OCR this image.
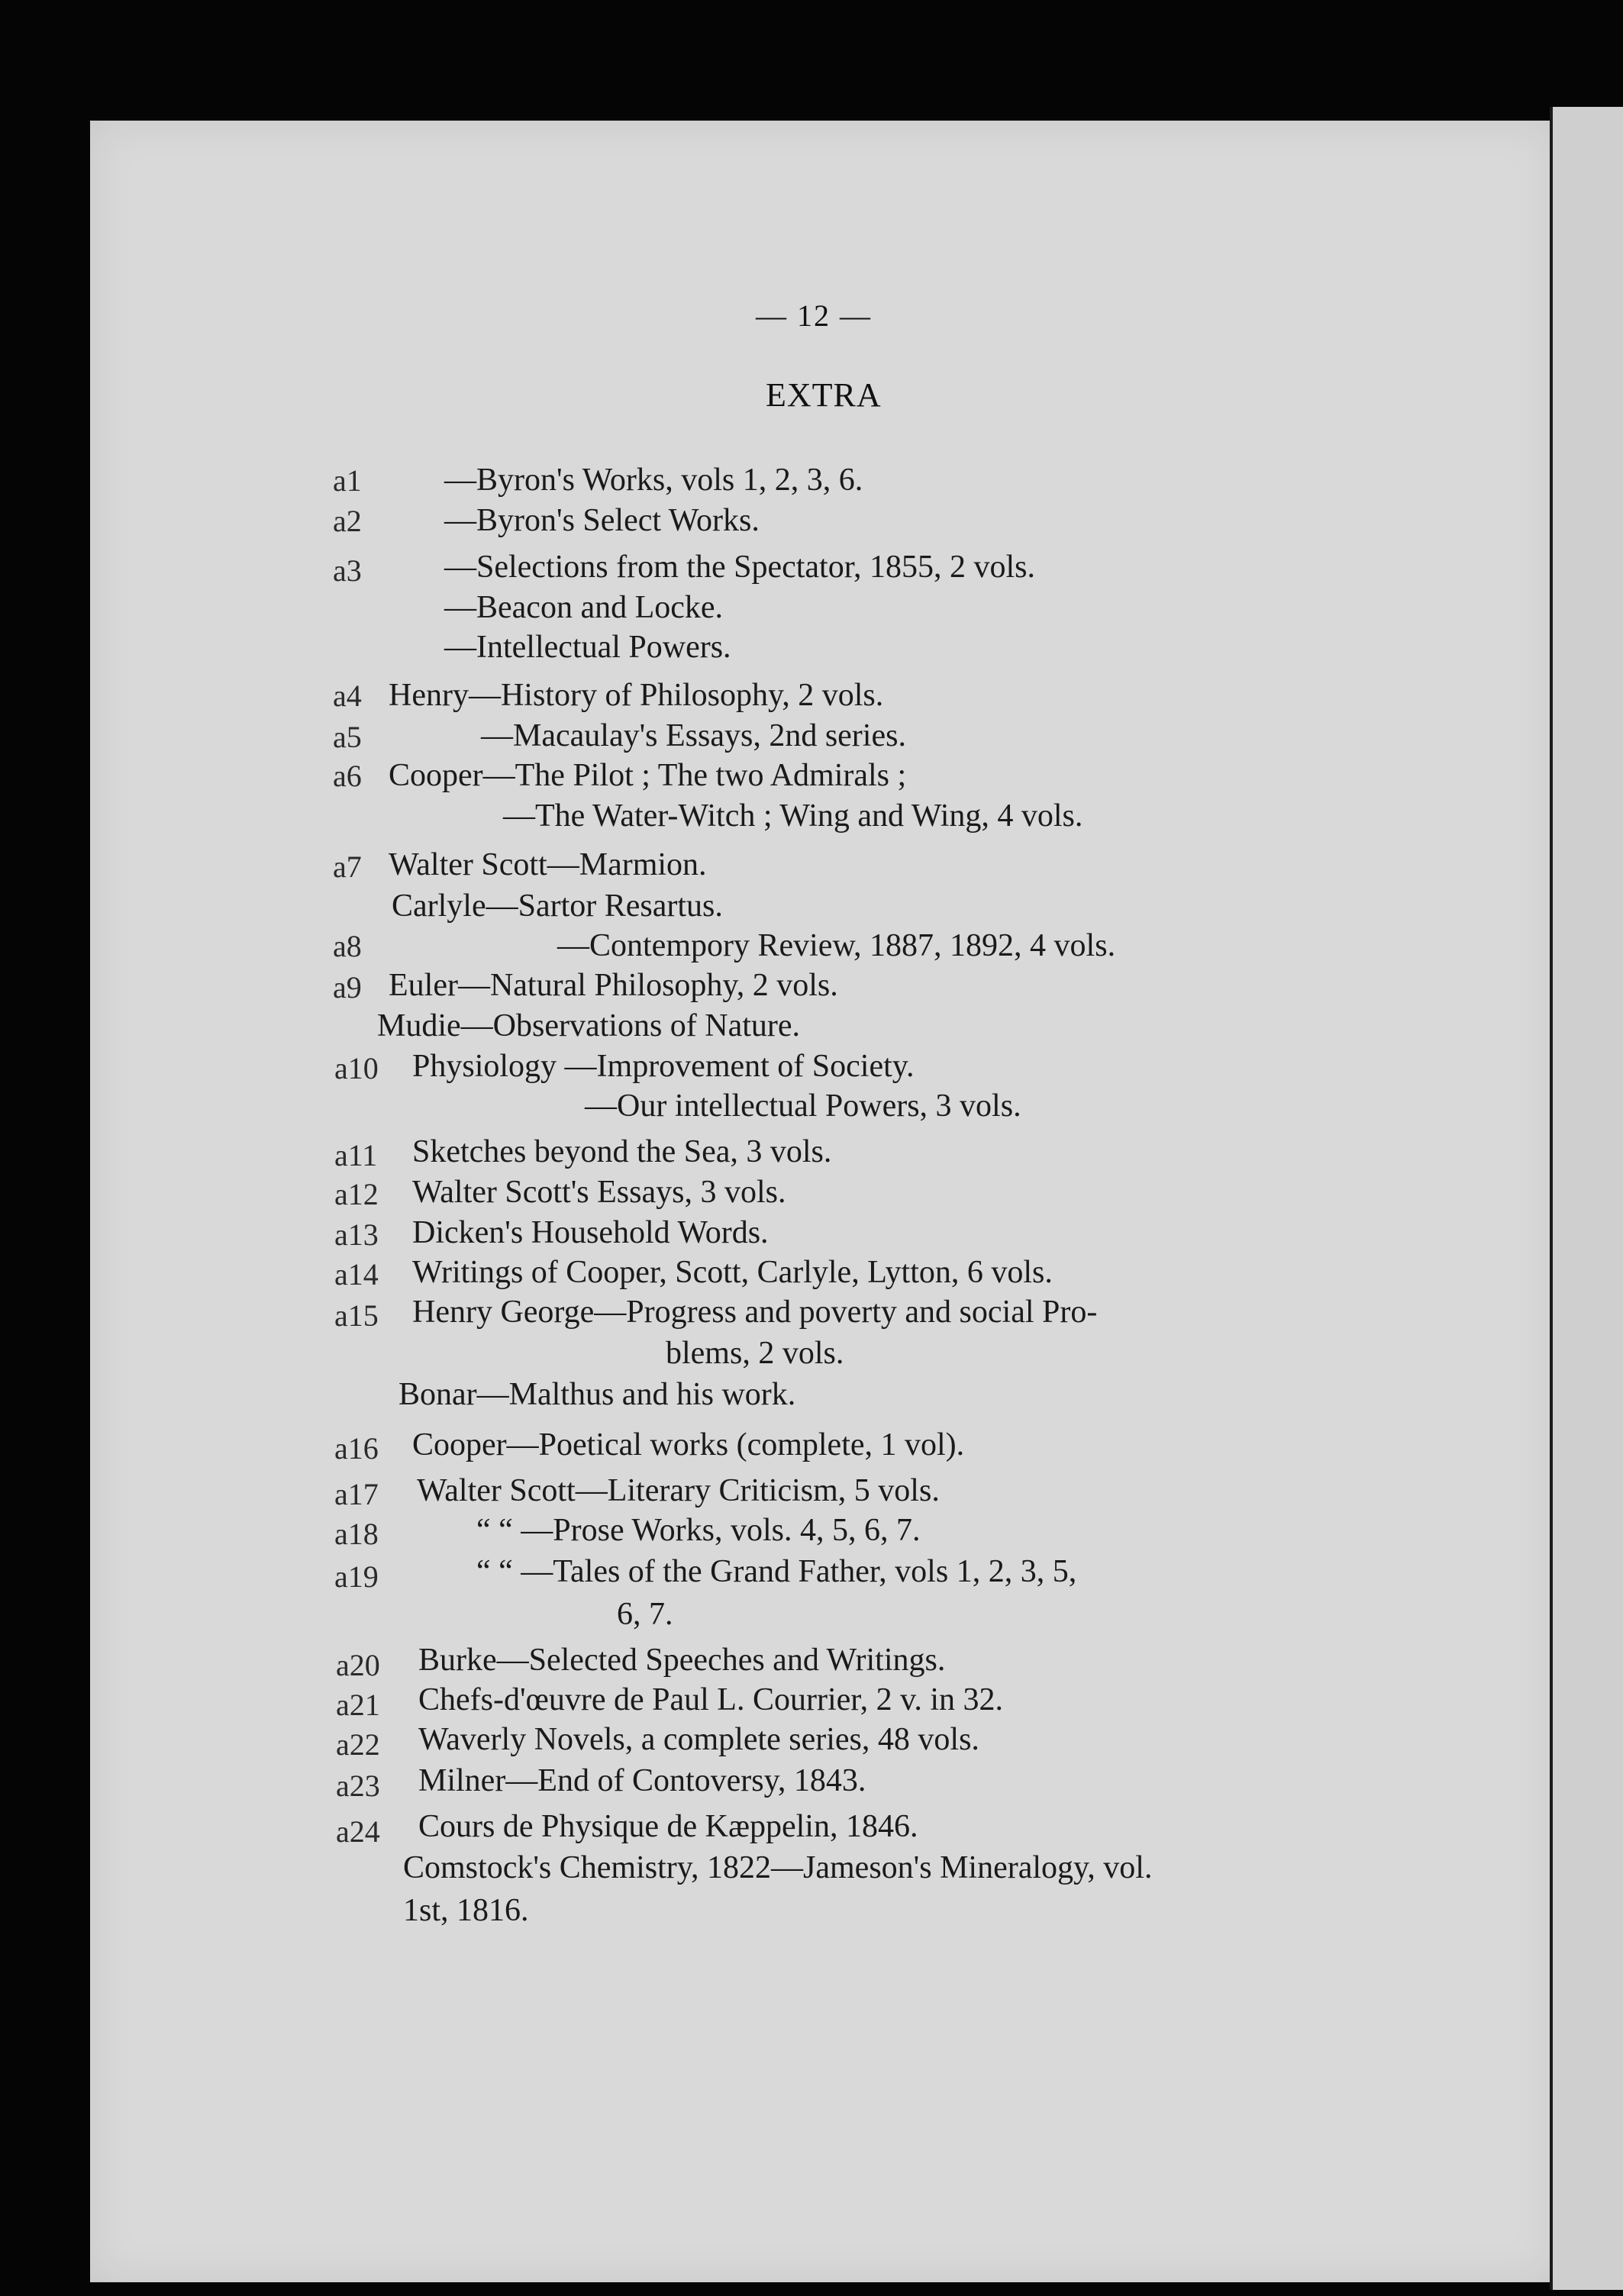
— 12 —
EXTRA
a1	—Byron's Works, vols 1, 2, 3, 6.
a2	—Byron's Select Works.
a3	—Selections from the Spectator, 1855, 2 vols.
—Beacon and Locke.
—Intellectual Powers.
a4 Henry—History of Philosophy, 2 vols.
a5	—Macaulay's Essays, 2nd series.
a6 Cooper—The Pilot ; The two Admirals ;
—The Water-Witch ; Wing and Wing, 4 vols.
a7 Walter Scott—Marmion.
Carlyle—Sartor Resartus.
a8	—Contempory Review, 1887, 1892, 4 vols.
a9 Euler—Natural Philosophy, 2 vols.
Mudie—Observations of Nature.
a10 Physiology —Improvement of Society.
—Our intellectual Powers, 3 vols.
a11 Sketches beyond the Sea, 3 vols.
a12 Walter Scott's Essays, 3 vols.
a13 Dicken's Household Words.
a14 Writings of Cooper, Scott, Carlyle, Lytton, 6 vols.
a15 Henry George—Progress and poverty and social Pro-
blems, 2 vols.
Bonar—Malthus and his work.
a16 Cooper—Poetical works (complete, 1 vol).
a17 Walter Scott—Literary Criticism, 5 vols.
a18	“ “ —Prose Works, vols. 4, 5, 6, 7.
a19	“ “ —Tales of the Grand Father, vols 1, 2, 3, 5,
6, 7.
a20 Burke—Selected Speeches and Writings.
a21 Chefs-d'œuvre de Paul L. Courrier, 2 v. in 32.
a22 Waverly Novels, a complete series, 48 vols.
a23 Milner—End of Contoversy, 1843.
a24 Cours de Physique de Kæppelin, 1846.
Comstock's Chemistry, 1822—Jameson's Mineralogy, vol.
1st, 1816.
